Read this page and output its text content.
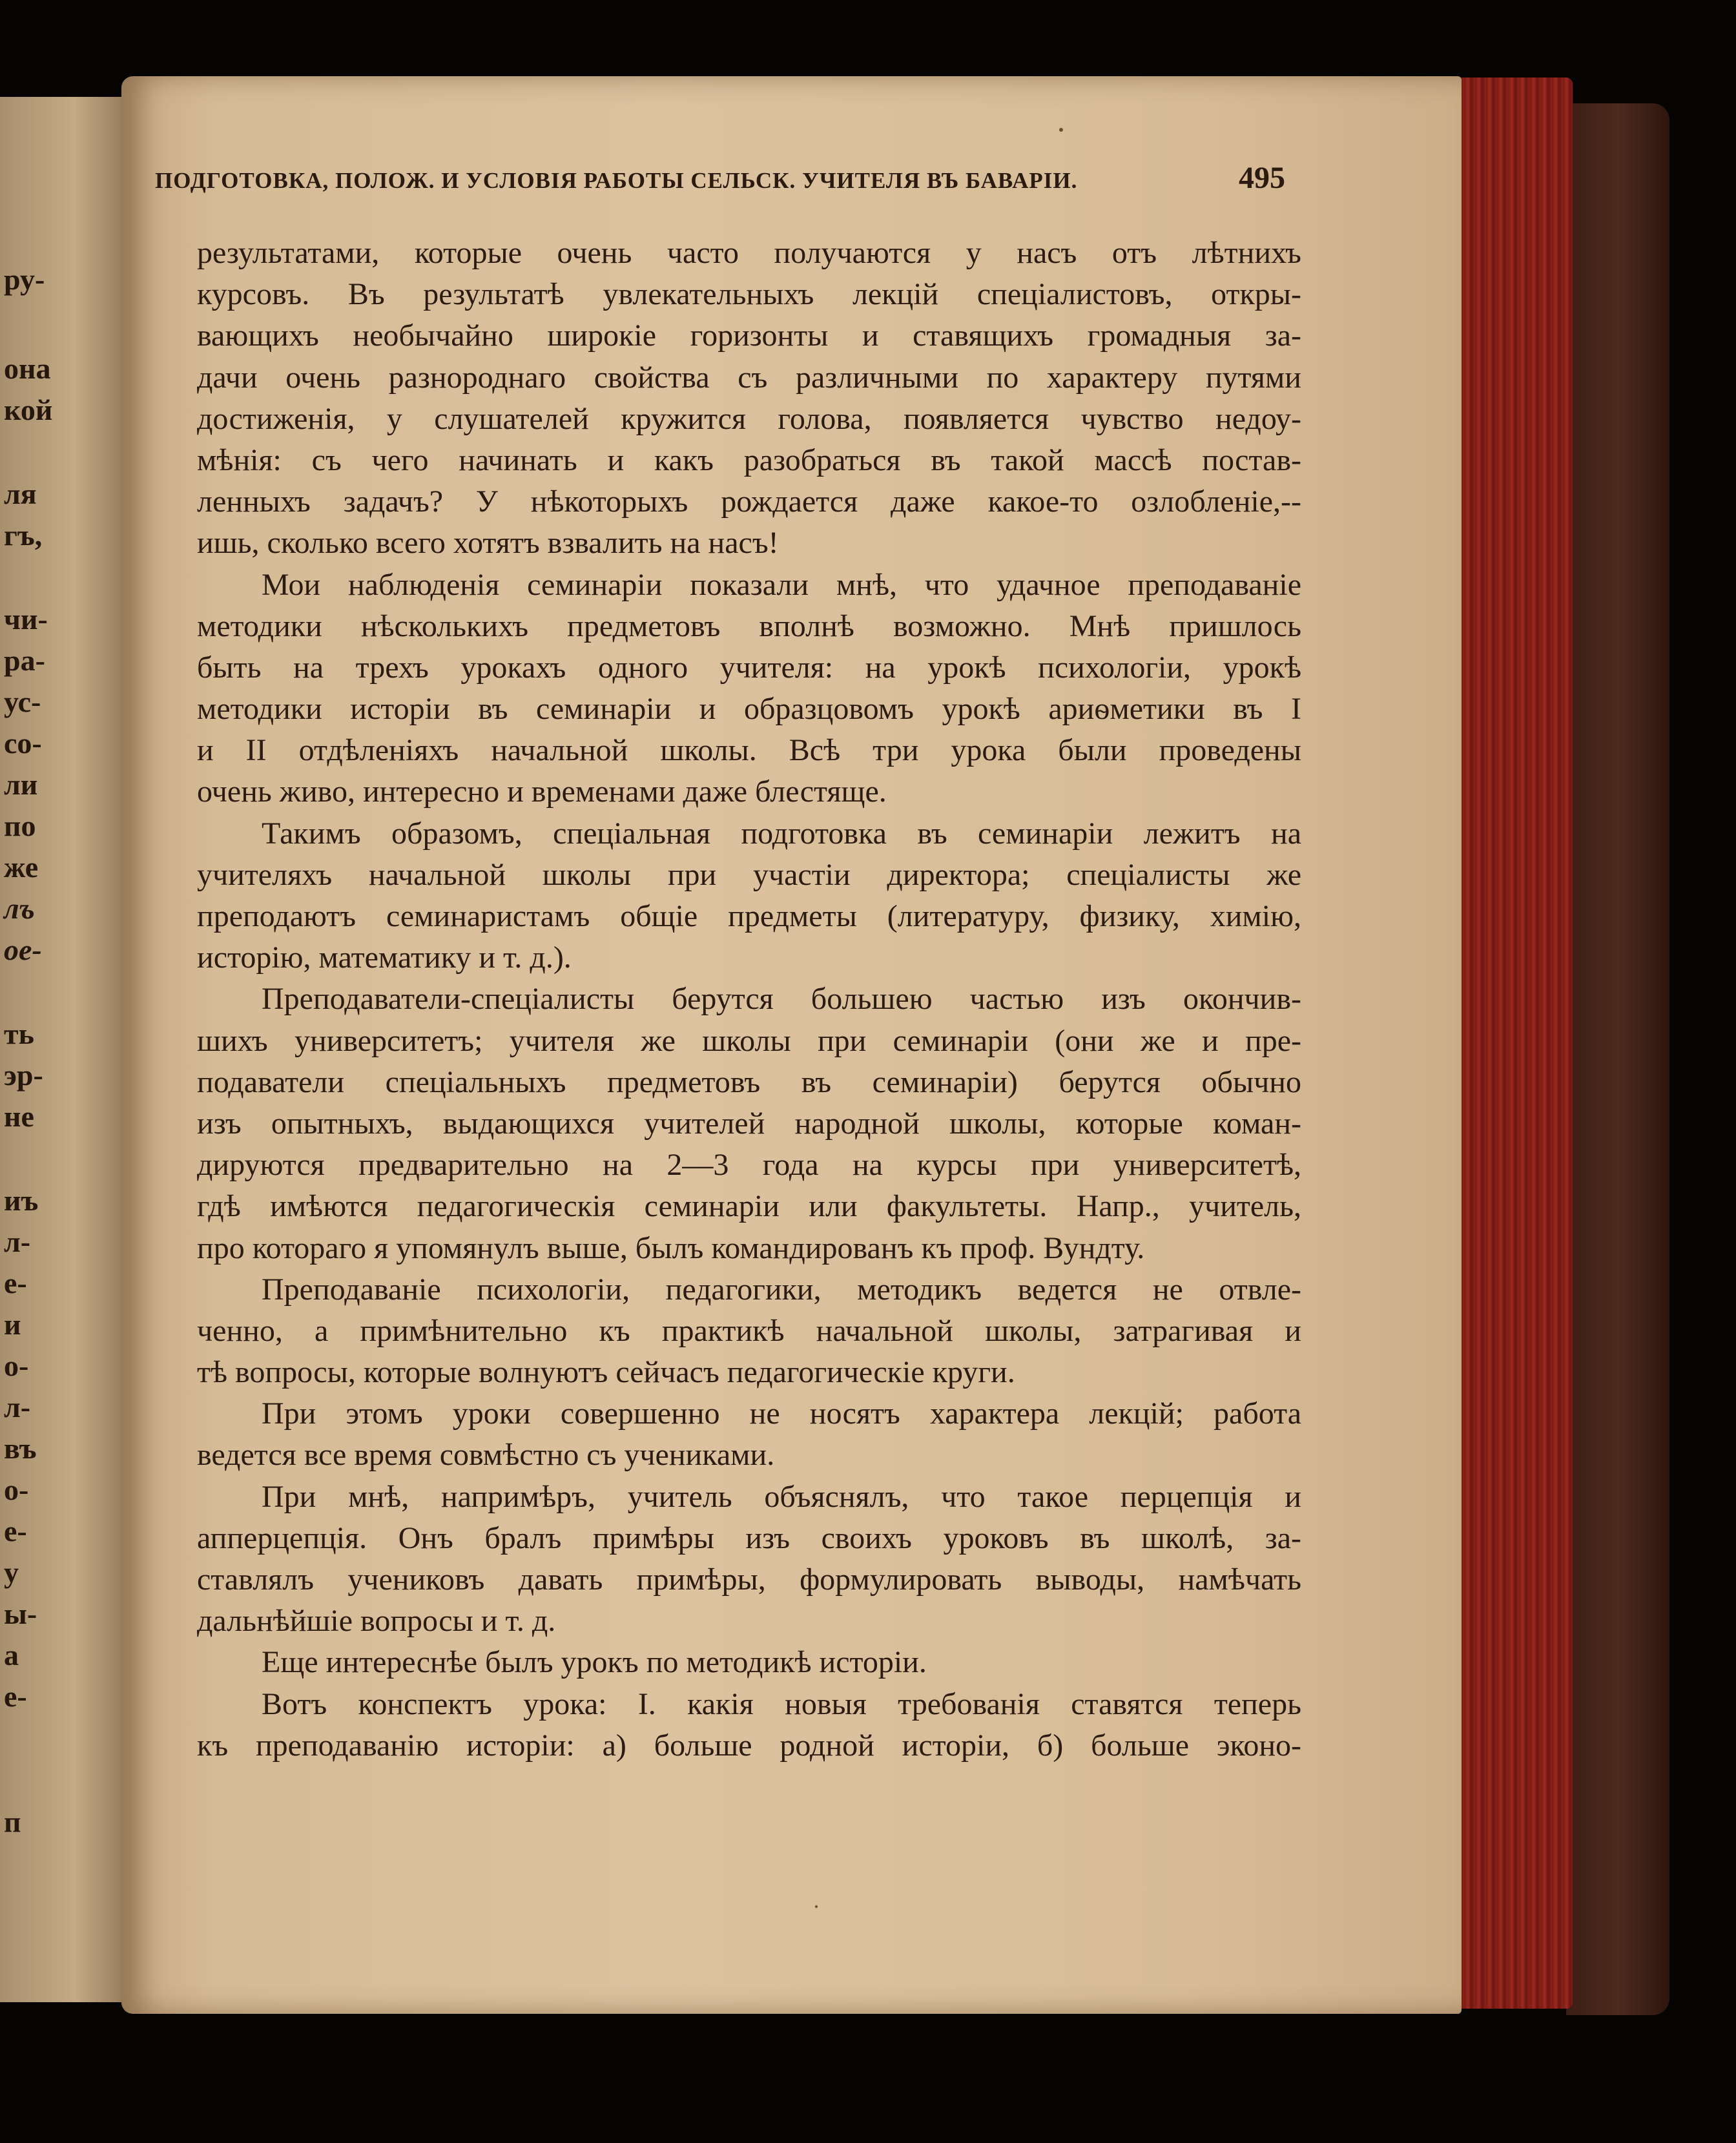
ру-
она
кой
ля
гъ,
чи-
ра-
ус-
со-
ли
по
же
лъ
ое-
ть
эр-
не
иъ
л-
е-
и
о-
л-
въ
о-
е-
у
ы-
а
е-
п
ПОДГОТОВКА, ПОЛОЖ. И УСЛОВІЯ РАБОТЫ СЕЛЬСК. УЧИТЕЛЯ ВЪ БАВАРІИ.	495
результатами, которые очень часто получаются у насъ отъ лѣтнихъ
курсовъ. Въ результатѣ увлекательныхъ лекцій спеціалистовъ, откры-
вающихъ необычайно широкіе горизонты и ставящихъ громадныя за-
дачи очень разнороднаго свойства съ различными по характеру путями
достиженія, у слушателей кружится голова, появляется чувство недоу-
мѣнія: съ чего начинать и какъ разобраться въ такой массѣ постав-
ленныхъ задачъ? У нѣкоторыхъ рождается даже какое-то озлобленіе,--
ишь, сколько всего хотятъ взвалить на насъ!
Мои наблюденія семинаріи показали мнѣ, что удачное преподаваніе
методики нѣсколькихъ предметовъ вполнѣ возможно. Мнѣ пришлось
быть на трехъ урокахъ одного учителя: на урокѣ психологіи, урокѣ
методики исторіи въ семинаріи и образцовомъ урокѣ ариѳметики въ I
и II отдѣленіяхъ начальной школы. Всѣ три урока были проведены
очень живо, интересно и временами даже блестяще.
Такимъ образомъ, спеціальная подготовка въ семинаріи лежитъ на
учителяхъ начальной школы при участіи директора; спеціалисты же
преподаютъ семинаристамъ общіе предметы (литературу, физику, химію,
исторію, математику и т. д.).
Преподаватели-спеціалисты берутся большею частью изъ окончив-
шихъ университетъ; учителя же школы при семинаріи (они же и пре-
подаватели спеціальныхъ предметовъ въ семинаріи) берутся обычно
изъ опытныхъ, выдающихся учителей народной школы, которые коман-
дируются предварительно на 2—3 года на курсы при университетѣ,
гдѣ имѣются педагогическія семинаріи или факультеты. Напр., учитель,
про котораго я упомянулъ выше, былъ командированъ къ проф. Вундту.
Преподаваніе психологіи, педагогики, методикъ ведется не отвле-
ченно, а примѣнительно къ практикѣ начальной школы, затрагивая и
тѣ вопросы, которые волнуютъ сейчасъ педагогическіе круги.
При этомъ уроки совершенно не носятъ характера лекцій; работа
ведется все время совмѣстно съ учениками.
При мнѣ, напримѣръ, учитель объяснялъ, что такое перцепція и
апперцепція. Онъ бралъ примѣры изъ своихъ уроковъ въ школѣ, за-
ставлялъ учениковъ давать примѣры, формулировать выводы, намѣчать
дальнѣйшіе вопросы и т. д.
Еще интереснѣе былъ урокъ по методикѣ исторіи.
Вотъ конспектъ урока: I. какія новыя требованія ставятся теперь
къ преподаванію исторіи: а) больше родной исторіи, б) больше эконо-
